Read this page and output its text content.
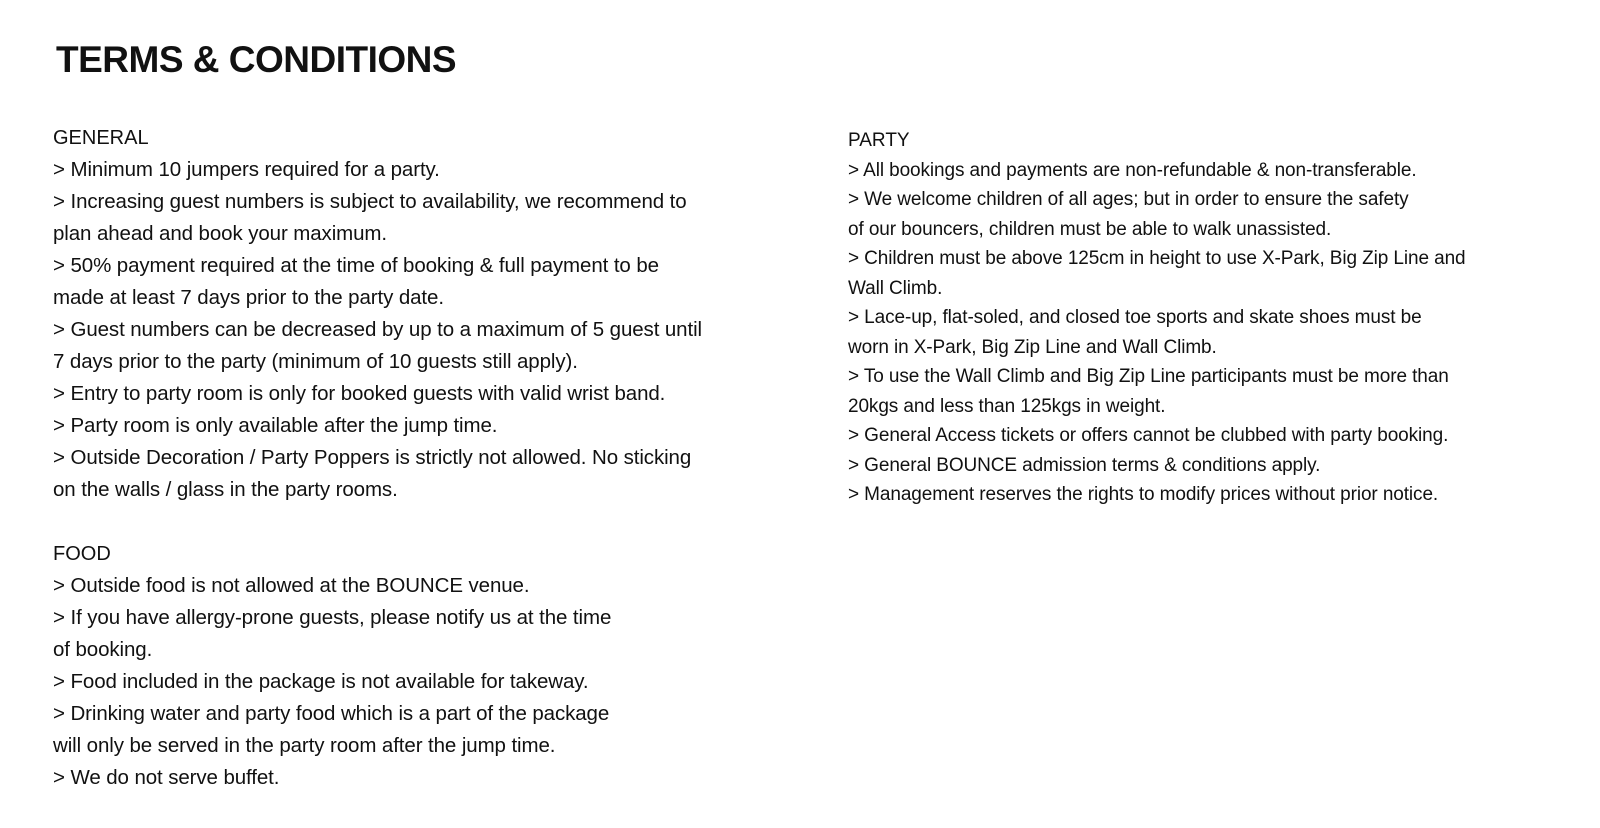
TERMS & CONDITIONS
GENERAL
> Minimum 10 jumpers required for a party.
> Increasing guest numbers is subject to availability, we recommend to
plan ahead and book your maximum.
> 50% payment required at the time of booking & full payment to be
made at least 7 days prior to the party date.
> Guest numbers can be decreased by up to a maximum of 5 guest until
7 days prior to the party (minimum of 10 guests still apply).
> Entry to party room is only for booked guests with valid wrist band.
> Party room is only available after the jump time.
> Outside Decoration / Party Poppers is strictly not allowed. No sticking
on the walls / glass in the party rooms.
FOOD
> Outside food is not allowed at the BOUNCE venue.
> If you have allergy-prone guests, please notify us at the time
of booking.
> Food included in the package is not available for takeway.
> Drinking water and party food which is a part of the package
will only be served in the party room after the jump time.
> We do not serve buffet.
PARTY
> All bookings and payments are non-refundable & non-transferable.
> We welcome children of all ages; but in order to ensure the safety
of our bouncers, children must be able to walk unassisted.
> Children must be above 125cm in height to use X-Park, Big Zip Line and
Wall Climb.
> Lace-up, flat-soled, and closed toe sports and skate shoes must be
worn in X-Park, Big Zip Line and Wall Climb.
> To use the Wall Climb and Big Zip Line participants must be more than
20kgs and less than 125kgs in weight.
> General Access tickets or offers cannot be clubbed with party booking.
> General BOUNCE admission terms & conditions apply.
> Management reserves the rights to modify prices without prior notice.
